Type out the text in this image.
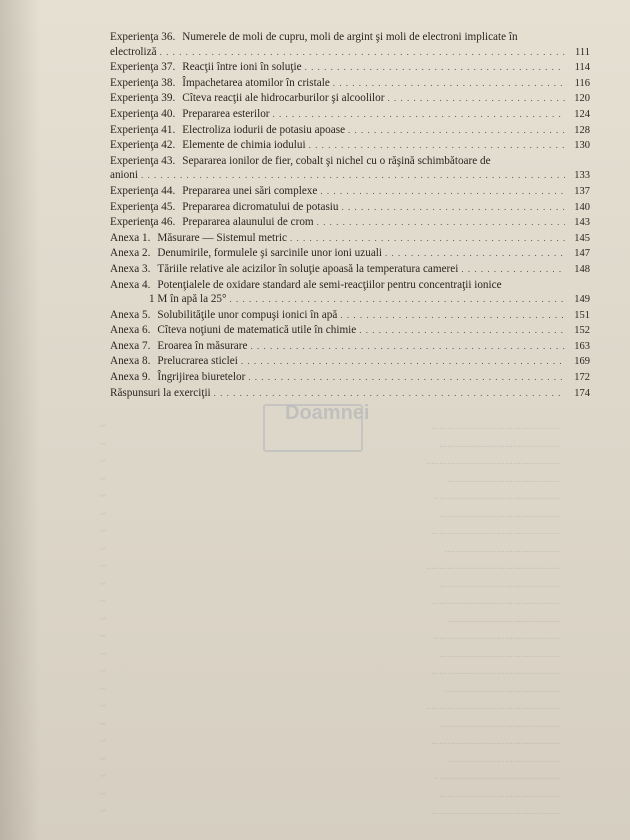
Experienţa 36. Numerele de moli de cupru, moli de argint şi moli de electroni implicate în
electroliză . . .	111
Experienţa 37. Reacţii între ioni în soluţie . . .	114
Experienţa 38. Împachetarea atomilor în cristale . . .	116
Experienţa 39. Cîteva reacţii ale hidrocarburilor şi alcoolilor . . .	120
Experienţa 40. Prepararea esterilor . . .	124
Experienţa 41. Electroliza iodurii de potasiu apoase . . .	128
Experienţa 42. Elemente de chimia iodului . . .	130
Experienţa 43. Separarea ionilor de fier, cobalt şi nichel cu o răşină schimbătoare de
anioni . . .	133
Experienţa 44. Prepararea unei sări complexe . . .	137
Experienţa 45. Prepararea dicromatului de potasiu . . .	140
Experienţa 46. Prepararea alaunului de crom . . .	143
Anexa 1. Măsurare — Sistemul metric . . .	145
Anexa 2. Denumirile, formulele şi sarcinile unor ioni uzuali . . .	147
Anexa 3. Tăriile relative ale acizilor în soluţie apoasă la temperatura camerei . . .	148
Anexa 4. Potenţialele de oxidare standard ale semi-reacţiilor pentru concentraţii ionice
1 M în apă la 25° . . .	149
Anexa 5. Solubilităţile unor compuşi ionici în apă . . .	151
Anexa 6. Cîteva noţiuni de matematică utile în chimie . . .	152
Anexa 7. Eroarea în măsurare . . .	163
Anexa 8. Prelucrarea sticlei . . .	169
Anexa 9. Îngrijirea biuretelor . . .	172
Răspunsuri la exerciţii . . .	174
Doamnei
.................................................
~
..............................................
~
...................................................
~
...........................................
~
................................................
~
..............................................
~
.................................................
~
............................................
~
...................................................
~
..............................................
~
.................................................
~
...........................................
~
................................................
~
..............................................
~
.................................................
~
............................................
~
...................................................
~
..............................................
~
.................................................
~
...........................................
~
................................................
~
..............................................
~
.................................................
~
